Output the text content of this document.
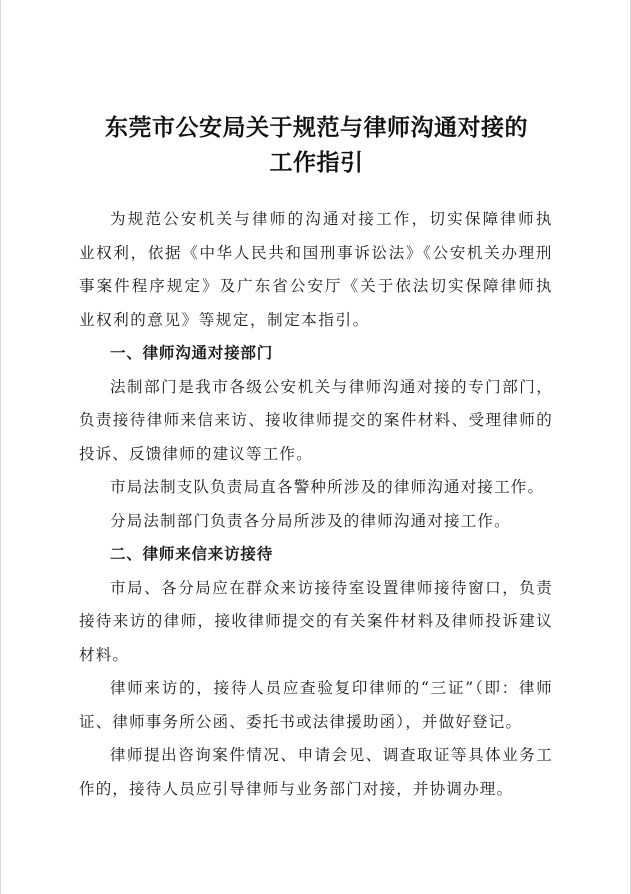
东莞市公安局关于规范与律师沟通对接的
工作指引

为规范公安机关与律师的沟通对接工作，切实保障律师执业权利，依据《中华人民共和国刑事诉讼法》《公安机关办理刑事案件程序规定》及广东省公安厅《关于依法切实保障律师执业权利的意见》等规定，制定本指引。

一、律师沟通对接部门

法制部门是我市各级公安机关与律师沟通对接的专门部门，负责接待律师来信来访、接收律师提交的案件材料、受理律师的投诉、反馈律师的建议等工作。

市局法制支队负责局直各警种所涉及的律师沟通对接工作。

分局法制部门负责各分局所涉及的律师沟通对接工作。

二、律师来信来访接待

市局、各分局应在群众来访接待室设置律师接待窗口，负责接待来访的律师，接收律师提交的有关案件材料及律师投诉建议材料。

律师来访的，接待人员应查验复印律师的“三证”（即：律师证、律师事务所公函、委托书或法律援助函），并做好登记。

律师提出咨询案件情况、申请会见、调查取证等具体业务工作的，接待人员应引导律师与业务部门对接，并协调办理。
